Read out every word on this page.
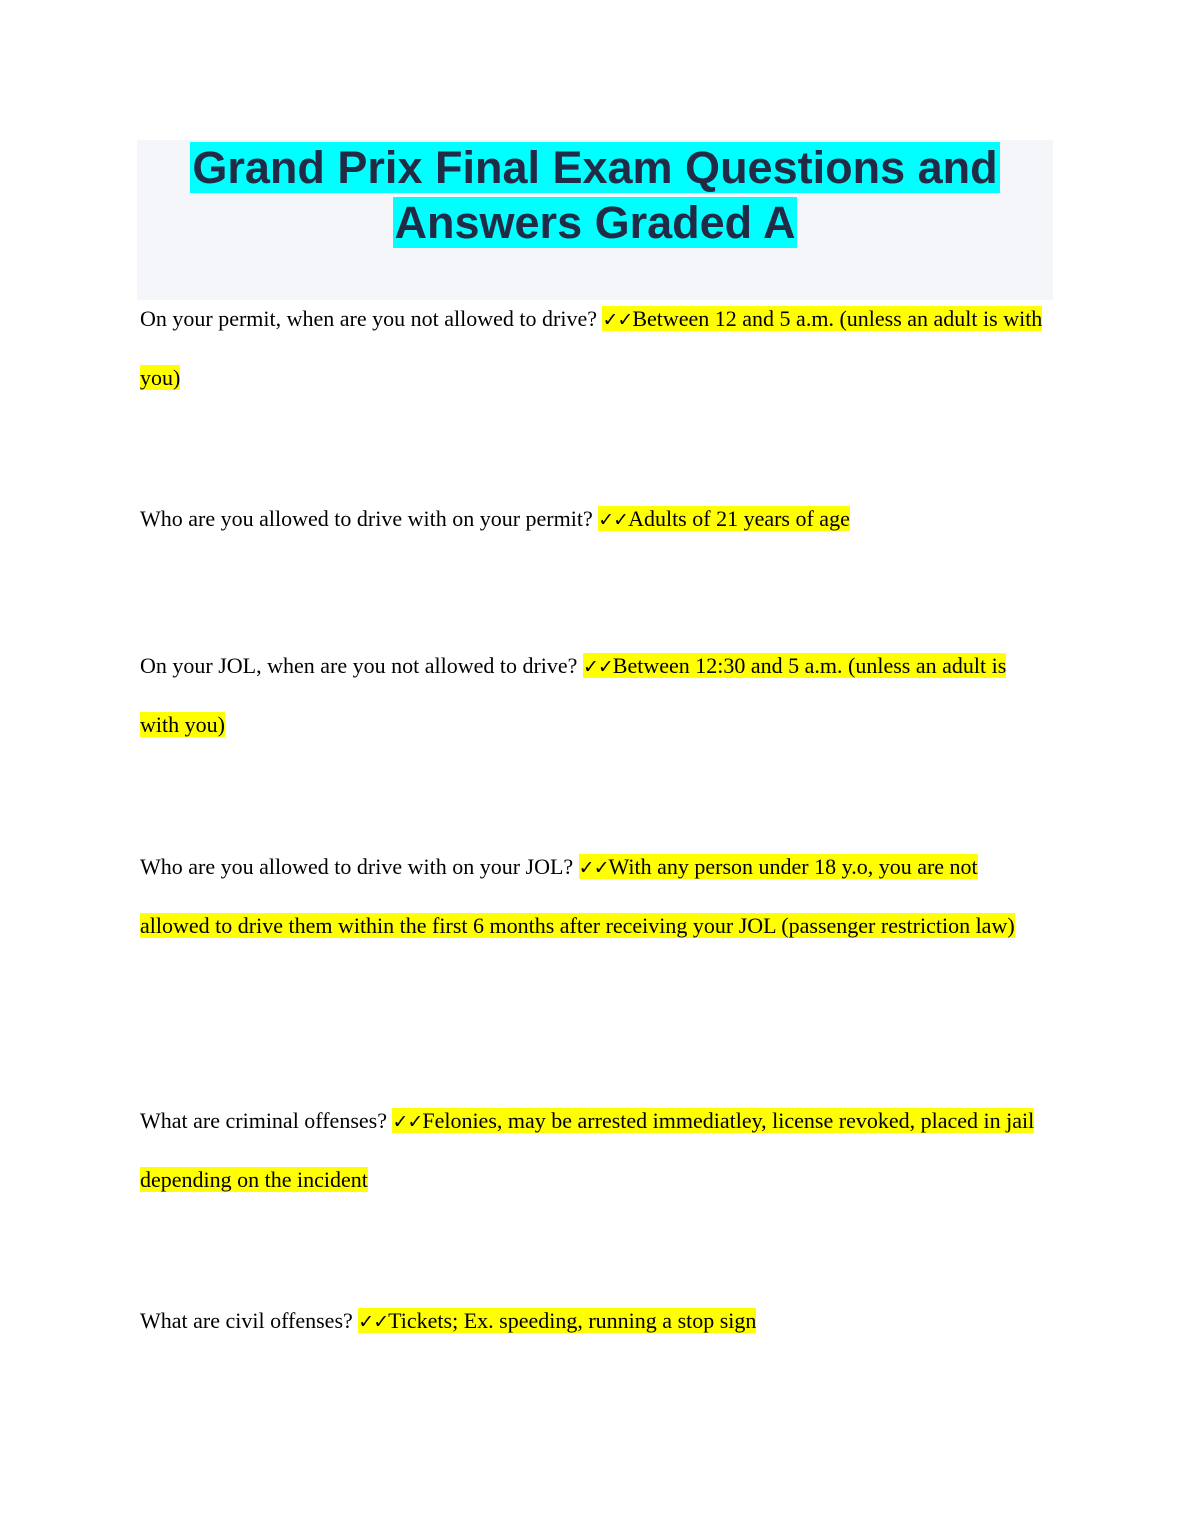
Grand Prix Final Exam Questions and
Answers Graded A

On your permit, when are you not allowed to drive? ✓✓Between 12 and 5 a.m. (unless an adult is with you)

Who are you allowed to drive with on your permit? ✓✓Adults of 21 years of age

On your JOL, when are you not allowed to drive? ✓✓Between 12:30 and 5 a.m. (unless an adult is with you)

Who are you allowed to drive with on your JOL? ✓✓With any person under 18 y.o, you are not allowed to drive them within the first 6 months after receiving your JOL (passenger restriction law)

What are criminal offenses? ✓✓Felonies, may be arrested immediatley, license revoked, placed in jail depending on the incident

What are civil offenses? ✓✓Tickets; Ex. speeding, running a stop sign
